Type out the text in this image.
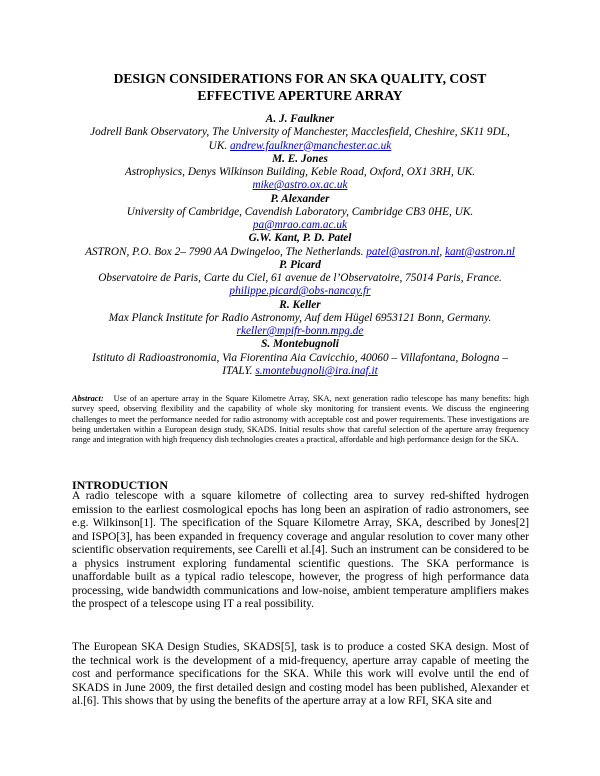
DESIGN CONSIDERATIONS FOR AN SKA QUALITY, COST
EFFECTIVE APERTURE ARRAY
A. J. Faulkner
Jodrell Bank Observatory, The University of Manchester, Macclesfield, Cheshire, SK11 9DL,
UK. andrew.faulkner@manchester.ac.uk
M. E. Jones
Astrophysics, Denys Wilkinson Building, Keble Road, Oxford, OX1 3RH, UK.
mike@astro.ox.ac.uk
P. Alexander
University of Cambridge, Cavendish Laboratory, Cambridge CB3 0HE, UK.
pa@mrao.cam.ac.uk
G.W. Kant, P. D. Patel
ASTRON, P.O. Box 2– 7990 AA Dwingeloo, The Netherlands. patel@astron.nl, kant@astron.nl
P. Picard
Observatoire de Paris, Carte du Ciel, 61 avenue de l’Observatoire, 75014 Paris, France.
philippe.picard@obs-nancay.fr
R. Keller
Max Planck Institute for Radio Astronomy, Auf dem Hügel 6953121 Bonn, Germany.
rkeller@mpifr-bonn.mpg.de
S. Montebugnoli
Istituto di Radioastronomia, Via Fiorentina Aia Cavicchio, 40060 – Villafontana, Bologna –
ITALY. s.montebugnoli@ira.inaf.it
Abstract: Use of an aperture array in the Square Kilometre Array, SKA, next generation radio telescope has many benefits: high survey speed, observing flexibility and the capability of whole sky monitoring for transient events. We discuss the engineering challenges to meet the performance needed for radio astronomy with acceptable cost and power requirements. These investigations are being undertaken within a European design study, SKADS. Initial results show that careful selection of the aperture array frequency range and integration with high frequency dish technologies creates a practical, affordable and high performance design for the SKA.
INTRODUCTION
A radio telescope with a square kilometre of collecting area to survey red-shifted hydrogen emission to the earliest cosmological epochs has long been an aspiration of radio astronomers, see e.g. Wilkinson[1]. The specification of the Square Kilometre Array, SKA, described by Jones[2] and ISPO[3], has been expanded in frequency coverage and angular resolution to cover many other scientific observation requirements, see Carelli et al.[4]. Such an instrument can be considered to be a physics instrument exploring fundamental scientific questions. The SKA performance is unaffordable built as a typical radio telescope, however, the progress of high performance data processing, wide bandwidth communications and low-noise, ambient temperature amplifiers makes the prospect of a telescope using IT a real possibility.
The European SKA Design Studies, SKADS[5], task is to produce a costed SKA design. Most of the technical work is the development of a mid-frequency, aperture array capable of meeting the cost and performance specifications for the SKA. While this work will evolve until the end of SKADS in June 2009, the first detailed design and costing model has been published, Alexander et al.[6]. This shows that by using the benefits of the aperture array at a low RFI, SKA site and
